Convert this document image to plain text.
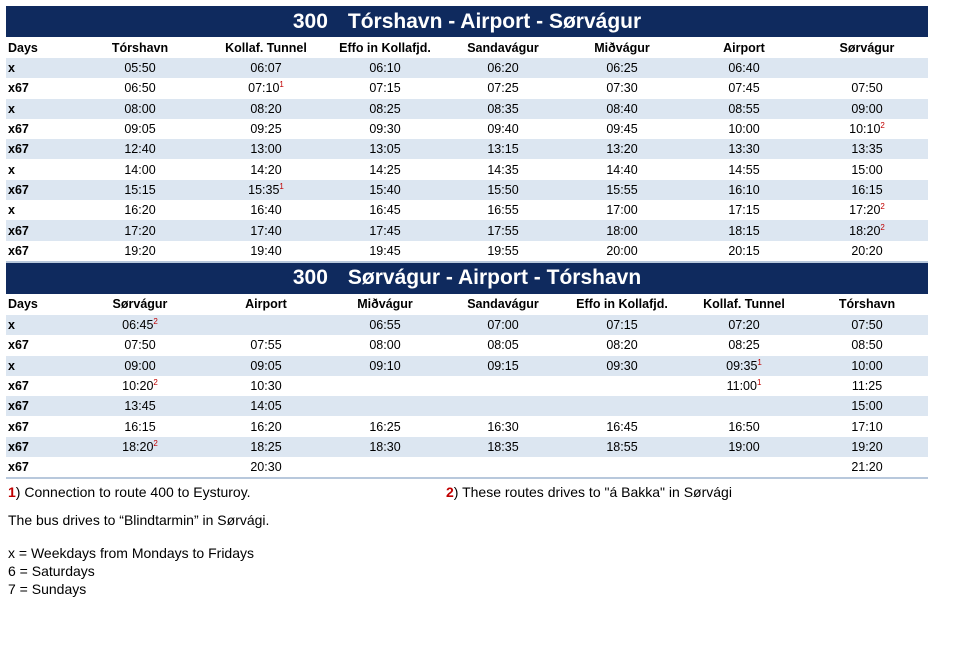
300 Tórshavn - Airport - Sørvágur
Days	Tórshavn	Kollaf. Tunnel	Effo in Kollafjd.	Sandavágur	Miðvágur	Airport	Sørvágur
x	05:50	06:07	06:10	06:20	06:25	06:40	
x67	06:50	$07:10^1$	07:15	07:25	07:30	07:45	07:50
x	08:00	08:20	08:25	08:35	08:40	08:55	09:00
x67	09:05	09:25	09:30	09:40	09:45	10:00	$10:10^2$
x67	12:40	13:00	13:05	13:15	13:20	13:30	13:35
x	14:00	14:20	14:25	14:35	14:40	14:55	15:00
x67	15:15	$15:35^1$	15:40	15:50	15:55	16:10	16:15
x	16:20	16:40	16:45	16:55	17:00	17:15	$17:20^2$
x67	17:20	17:40	17:45	17:55	18:00	18:15	$18:20^2$
x67	19:20	19:40	19:45	19:55	20:00	20:15	20:20
300 Sørvágur - Airport - Tórshavn
Days	Sørvágur	Airport	Miðvágur	Sandavágur	Effo in Kollafjd.	Kollaf. Tunnel	Tórshavn
x	$06:45^2$		06:55	07:00	07:15	07:20	07:50
x67	07:50	07:55	08:00	08:05	08:20	08:25	08:50
x	09:00	09:05	09:10	09:15	09:30	$09:35^1$	10:00
x67	$10:20^2$	10:30				$11:00^1$	11:25
x67	13:45	14:05					15:00
x67	16:15	16:20	16:25	16:30	16:45	16:50	17:10
x67	$18:20^2$	18:25	18:30	18:35	18:55	19:00	19:20
x67		20:30					21:20
1) Connection to route 400 to Eysturoy.	2) These routes drives to "á Bakka" in Sørvági
The bus drives to “Blindtarmin” in Sørvági.
x = Weekdays from Mondays to Fridays
6 = Saturdays
7 = Sundays
